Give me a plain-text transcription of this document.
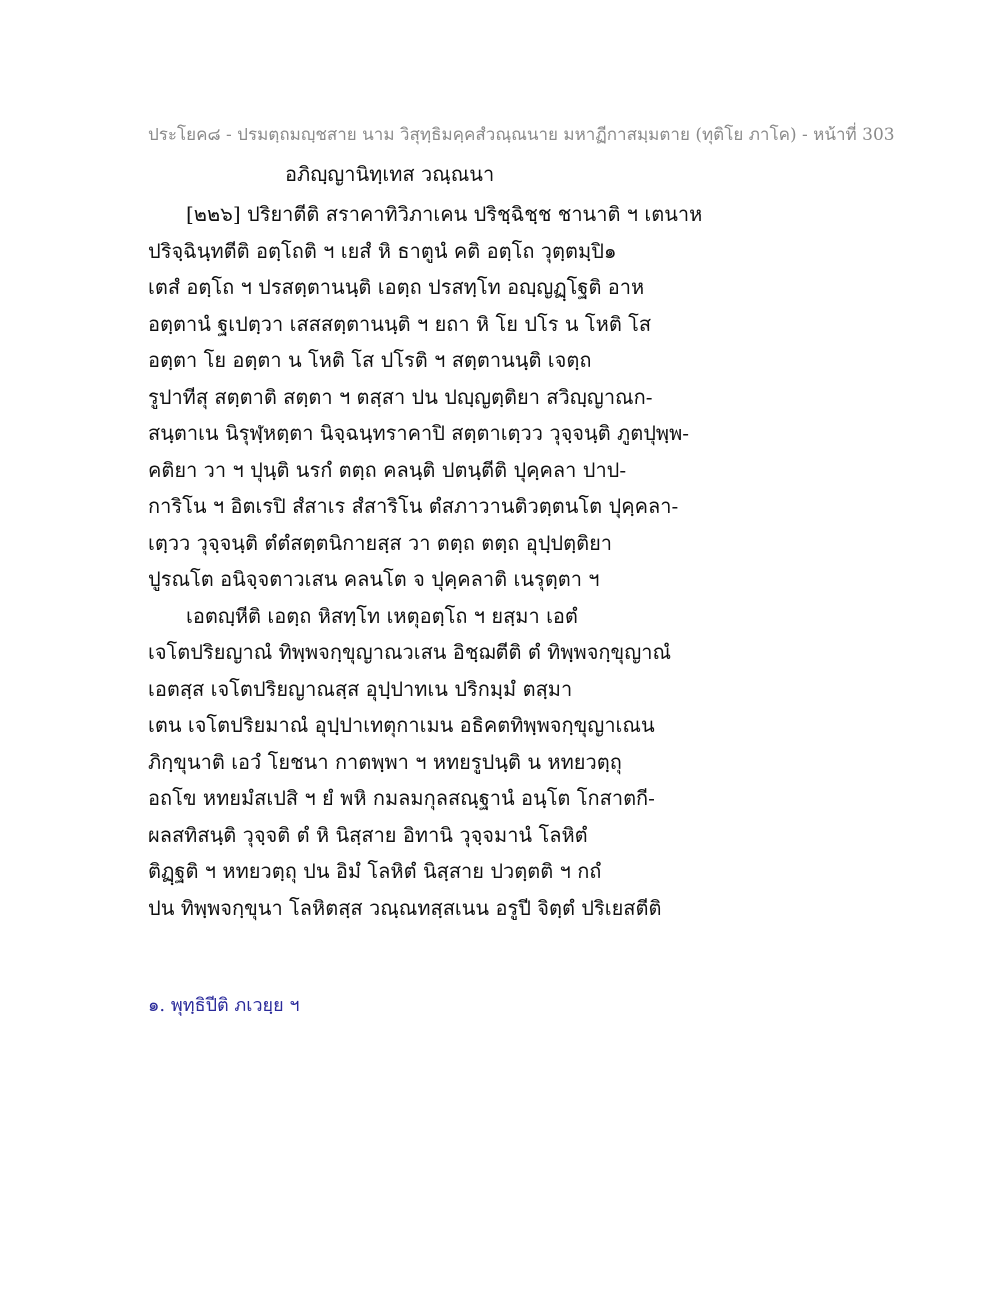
ประโยค๘ - ปรมตฺถมญฺชสาย นาม วิสุทฺธิมคฺคสํวณฺณนาย มหาฏีกาสมฺมตาย (ทุติโย ภาโค) - หน้าที่ 303
อภิญฺญานิทฺเทส วณฺณนา
[๒๒๖] ปริยาตีติ สราคาทิวิภาเคน ปริชฺฉิชฺช ชานาติ ฯ เตนาห
ปริจฺฉินฺทตีติ อตฺโถติ ฯ เยสํ หิ ธาตูนํ คติ อตฺโถ วุตฺตมฺปิ๑
เตสํ อตฺโถ ฯ ปรสตฺตานนฺติ เอตฺถ ปรสทฺโท อญฺญฏฺโฐติ อาห
อตฺตานํ ฐเปตฺวา เสสสตฺตานนฺติ ฯ ยถา หิ โย ปโร น โหติ โส
อตฺตา โย อตฺตา น โหติ โส ปโรติ ฯ สตฺตานนฺติ เจตฺถ
รูปาทีสุ สตฺตาติ สตฺตา ฯ ตสฺสา ปน ปญฺญตฺติยา สวิญฺญาณก-
สนฺตาเน นิรุฬฺหตฺตา นิจฺฉนฺทราคาปิ สตฺตาเตฺวว วุจฺจนฺติ ภูตปุพฺพ-
คติยา วา ฯ ปุนฺติ นรกํ ตตฺถ คลนฺติ ปตนฺตีติ ปุคฺคลา ปาป-
การิโน ฯ อิตเรปิ สํสาเร สํสาริโน ตํสภาวานติวตฺตนโต ปุคฺคลา-
เตฺวว วุจฺจนฺติ ตํตํสตฺตนิกายสฺส วา ตตฺถ ตตฺถ อุปฺปตฺติยา
ปูรณโต อนิจฺจตาวเสน คลนโต จ ปุคฺคลาติ เนรุตฺตา ฯ
เอตญฺหีติ เอตฺถ หิสทฺโท เหตุอตฺโถ ฯ ยสฺมา เอตํ
เจโตปริยญาณํ ทิพฺพจกฺขุญาณวเสน อิชฺฌตีติ ตํ ทิพฺพจกฺขุญาณํ
เอตสฺส เจโตปริยญาณสฺส อุปฺปาทเน ปริกมฺมํ ตสฺมา
เตน เจโตปริยมาณํ อุปฺปาเทตุกาเมน อธิคตทิพฺพจกฺขุญาเณน
ภิกฺขุนาติ เอวํ โยชนา กาตพฺพา ฯ หทยรูปนฺติ น หทยวตฺถุ
อถโข หทยมํสเปสิ ฯ ยํ พหิ กมลมกุลสณฺฐานํ อนฺโต โกสาตกี-
ผลสทิสนฺติ วุจฺจติ ตํ หิ นิสฺสาย อิทานิ วุจฺจมานํ โลหิตํ
ติฏฺฐติ ฯ หทยวตฺถุ ปน อิมํ โลหิตํ นิสฺสาย ปวตฺตติ ฯ กถํ
ปน ทิพฺพจกฺขุนา โลหิตสฺส วณฺณทสฺสเนน อรูปี จิตฺตํ ปริเยสตีติ
๑. พุทฺธิปีติ ภเวยฺย ฯ
